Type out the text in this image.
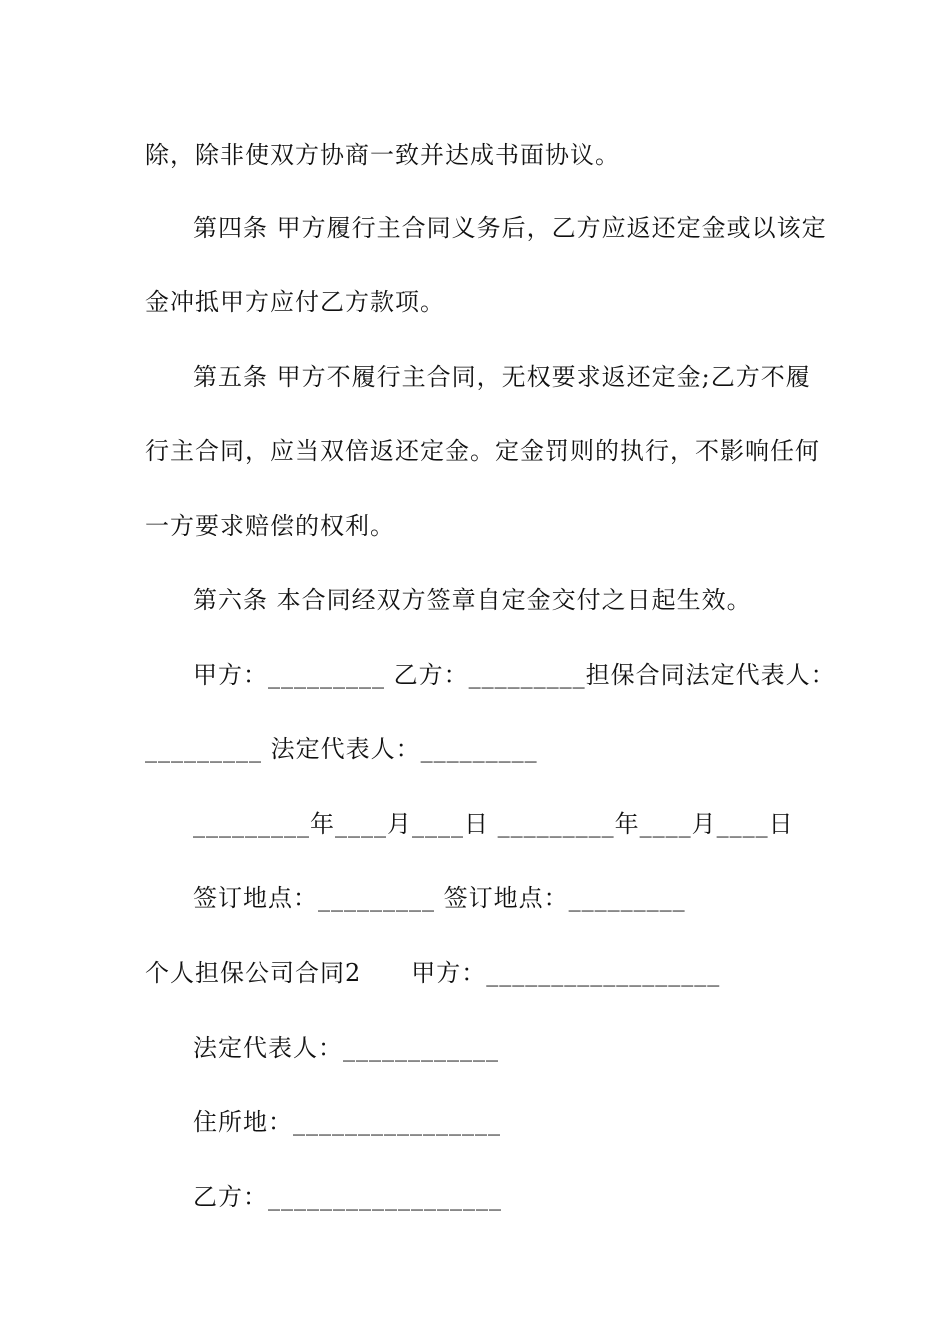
除，除非使双方协商一致并达成书面协议。
第四条 甲方履行主合同义务后，乙方应返还定金或以该定
金冲抵甲方应付乙方款项。
第五条 甲方不履行主合同，无权要求返还定金;乙方不履
行主合同，应当双倍返还定金。定金罚则的执行，不影响任何
一方要求赔偿的权利。
第六条 本合同经双方签章自定金交付之日起生效。
甲方：_________ 乙方：_________担保合同法定代表人：
_________ 法定代表人：_________
_________年____月____日 _________年____月____日
签订地点：_________ 签订地点：_________
个人担保公司合同2　　甲方：__________________
法定代表人：____________
住所地：________________
乙方：__________________
